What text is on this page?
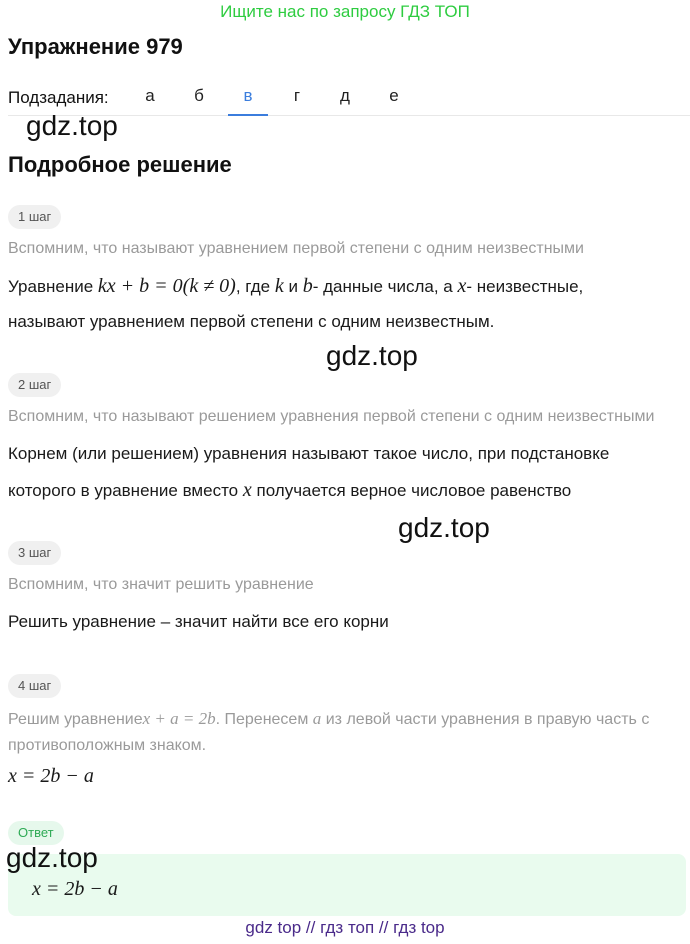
Ищите нас по запросу ГДЗ ТОП
Упражнение 979
Подзадания:	а	б	в	г	д	е
gdz.top
Подробное решение
1 шаг
Вспомним, что называют уравнением первой степени с одним неизвестными
Уравнение kx + b = 0(k ≠ 0), где k и b- данные числа, а x- неизвестные,
называют уравнением первой степени с одним неизвестным.
gdz.top
2 шаг
Вспомним, что называют решением уравнения первой степени с одним неизвестными
Корнем (или решением) уравнения называют такое число, при подстановке
которого в уравнение вместо x получается верное числовое равенство
gdz.top
3 шаг
Вспомним, что значит решить уравнение
Решить уравнение – значит найти все его корни
4 шаг
Решим уравнениеx + a = 2b. Перенесем a из левой части уравнения в правую часть с
противоположным знаком.
x = 2b − a
Ответ
x = 2b − a
gdz.top
gdz top // гдз топ // гдз top
